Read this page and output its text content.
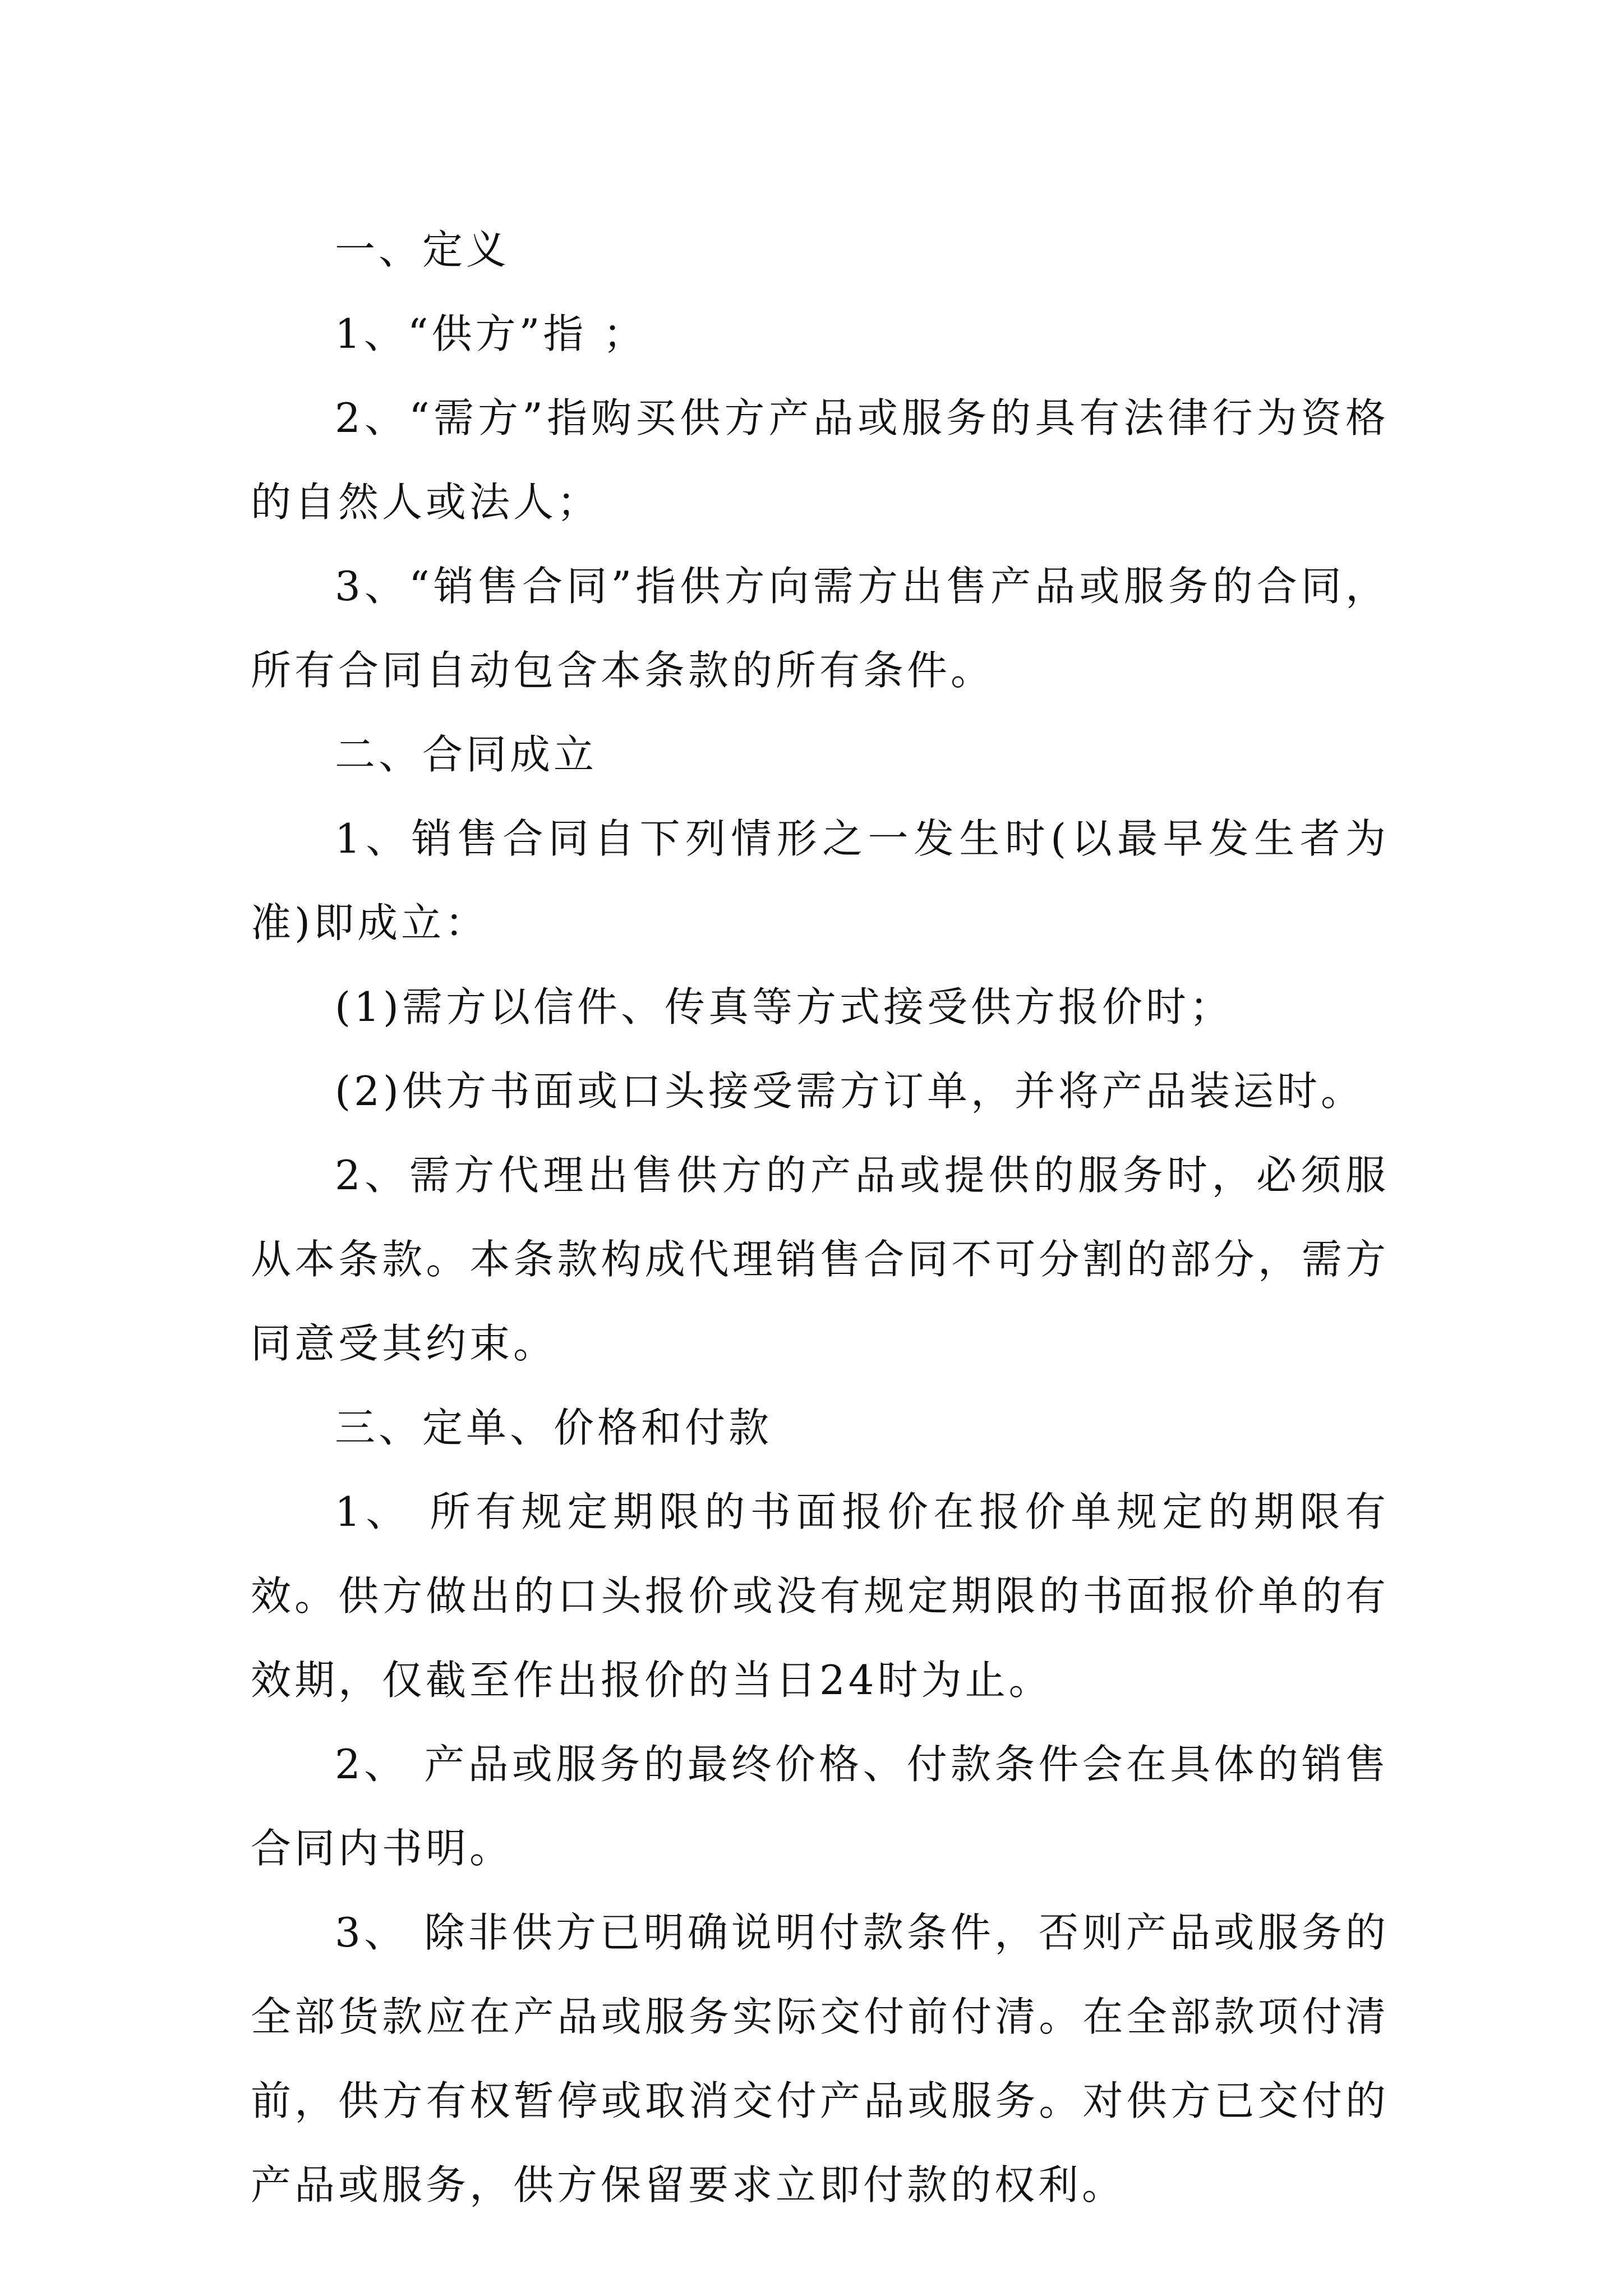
一、定义

1、“供方”指 ；

2、“需方”指购买供方产品或服务的具有法律行为资格的自然人或法人；

3、“销售合同”指供方向需方出售产品或服务的合同，所有合同自动包含本条款的所有条件。

二、合同成立

1、销售合同自下列情形之一发生时(以最早发生者为准)即成立：

(1)需方以信件、传真等方式接受供方报价时；

(2)供方书面或口头接受需方订单，并将产品装运时。

2、需方代理出售供方的产品或提供的服务时，必须服从本条款。本条款构成代理销售合同不可分割的部分，需方同意受其约束。

三、定单、价格和付款

1、 所有规定期限的书面报价在报价单规定的期限有效。供方做出的口头报价或没有规定期限的书面报价单的有效期，仅截至作出报价的当日24时为止。

2、 产品或服务的最终价格、付款条件会在具体的销售合同内书明。

3、 除非供方已明确说明付款条件，否则产品或服务的全部货款应在产品或服务实际交付前付清。在全部款项付清前，供方有权暂停或取消交付产品或服务。对供方已交付的产品或服务，供方保留要求立即付款的权利。
